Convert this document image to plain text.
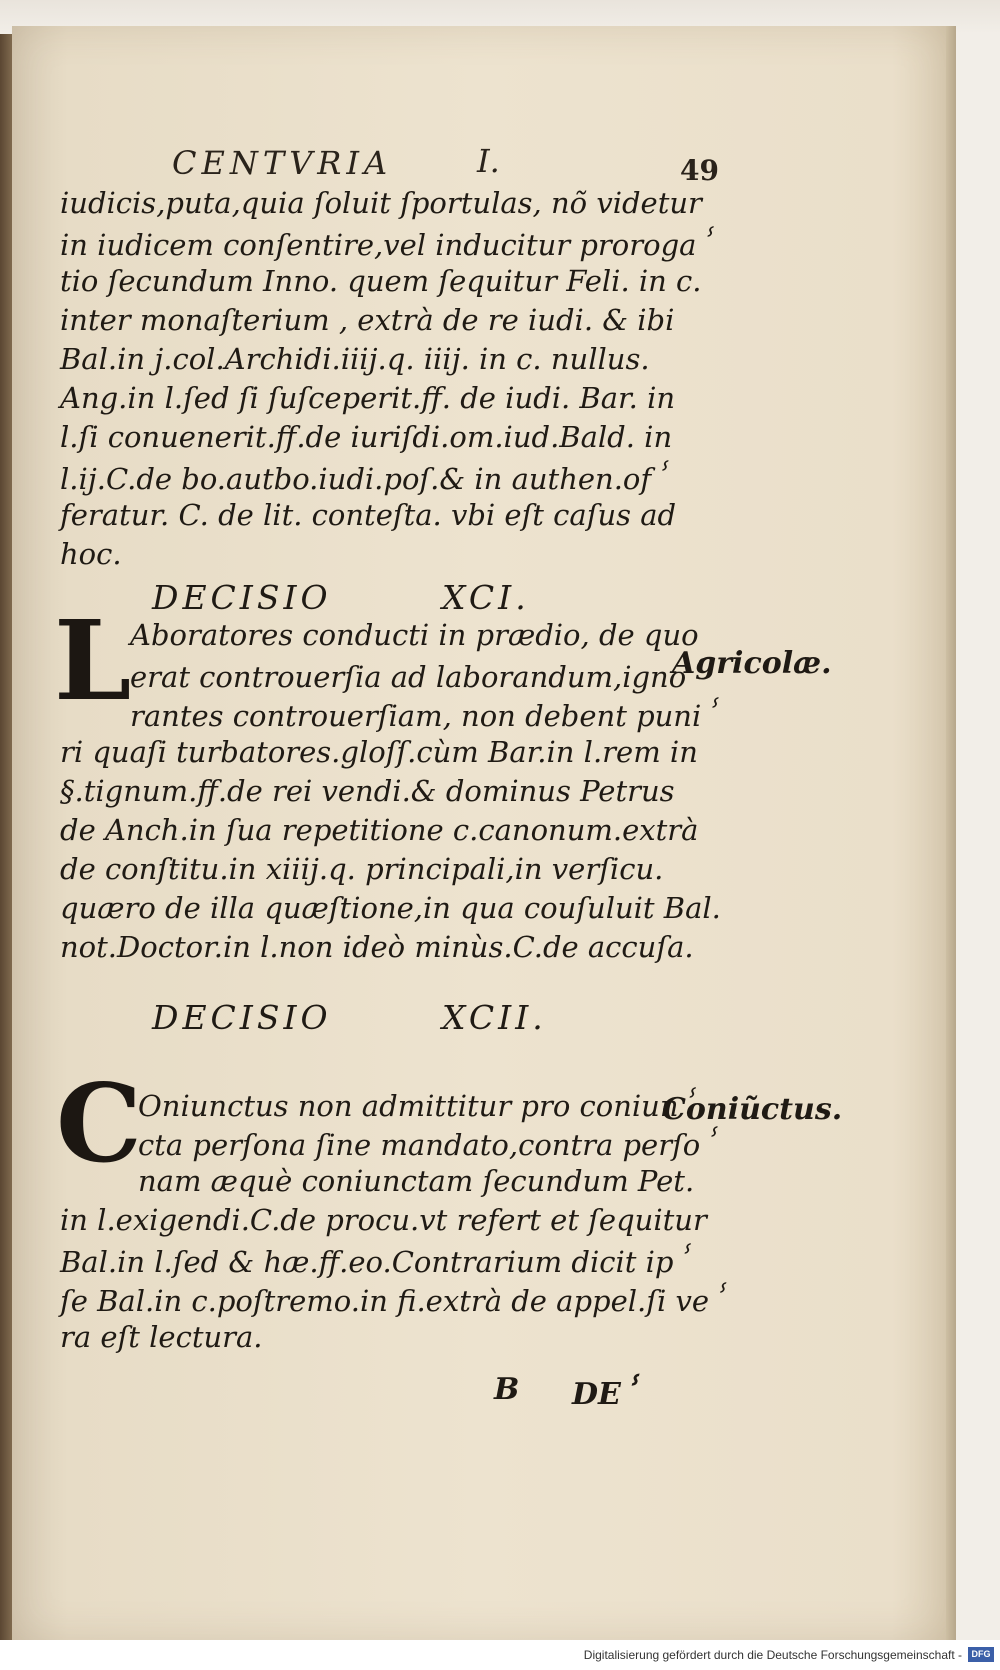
CENTVRIA	I.	49
iudicis,puta,quia ſoluit ſportulas, nõ videtur
in iudicem conſentire,vel inducitur prorogaⸯ
tio ſecundum Inno. quem ſequitur Feli. in c.
inter monaſterium , extrà de re iudi. & ibi
Bal.in j.col.Archidi.iiij.q. iiij. in c. nullus.
Ang.in l.ſed ſi ſuſceperit.ff. de iudi. Bar. in
l.ſi conuenerit.ff.de iuriſdi.om.iud.Bald. in
l.ij.C.de bo.autbo.iudi.poſ.& in authen.ofⸯ
feratur. C. de lit. conteſta. vbi eſt caſus ad
hoc.
DECISIO	XCI.
L
Aboratores conducti in prædio, de quo
erat controuerſia ad laborandum,ignoⸯ
rantes controuerſiam, non debent puniⸯ
ri quaſi turbatores.gloſſ.cùm Bar.in l.rem in
§.tignum.ff.de rei vendi.& dominus Petrus
de Anch.in ſua repetitione c.canonum.extrà
de conſtitu.in xiiij.q. principali,in verſicu.
quæro de illa quæſtione,in qua couſuluit Bal.
not.Doctor.in l.non ideò minùs.C.de accuſa.
Agricolæ.
DECISIO	XCII.
C
Oniunctus non admittitur pro coniunⸯ
cta perſona ſine mandato,contra perſoⸯ
nam æquè coniunctam ſecundum Pet.
in l.exigendi.C.de procu.vt refert et ſequitur
Bal.in l.ſed & hæ.ff.eo.Contrarium dicit ipⸯ
ſe Bal.in c.poſtremo.in fi.extrà de appel.ſi veⸯ
ra eſt lectura.
Coniũctus.
B DEⸯ
Digitalisierung gefördert durch die Deutsche Forschungsgemeinschaft -	DFG
